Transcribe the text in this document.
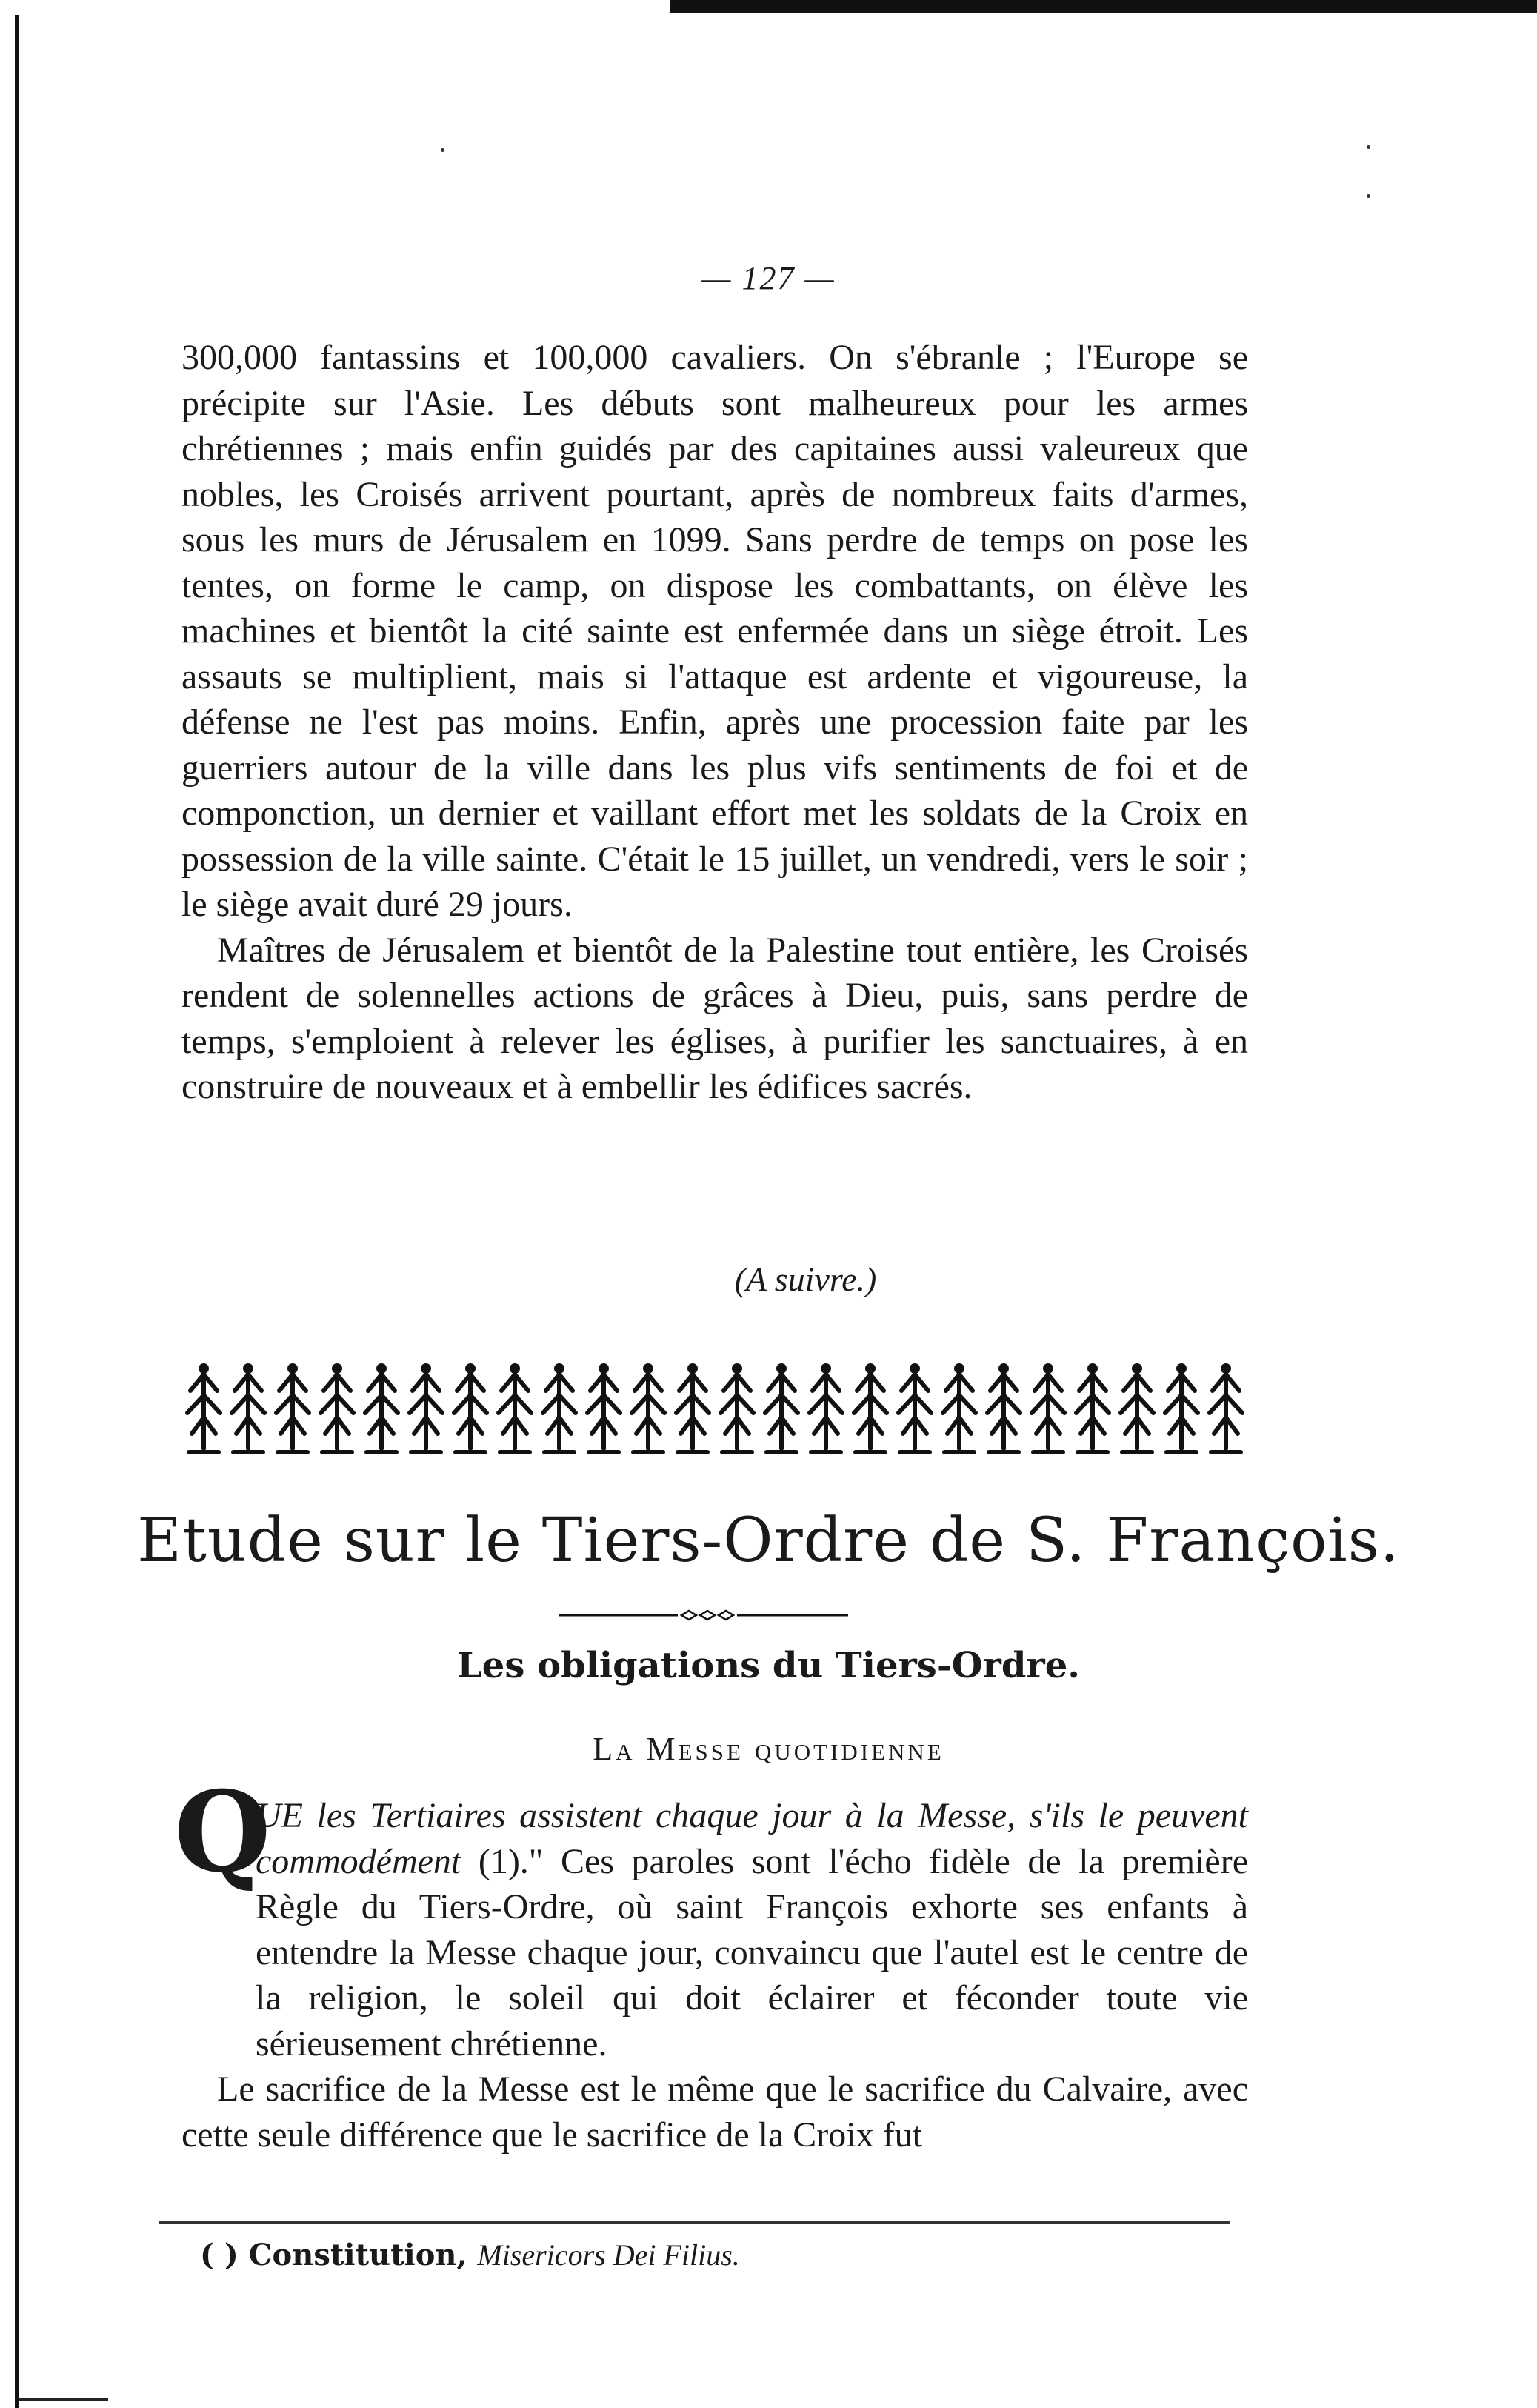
— 127 —

300,000 fantassins et 100,000 cavaliers. On s'ébranle ; l'Europe se précipite sur l'Asie. Les débuts sont malheureux pour les armes chrétiennes ; mais enfin guidés par des capitaines aussi valeureux que nobles, les Croisés arrivent pourtant, après de nombreux faits d'armes, sous les murs de Jérusalem en 1099. Sans perdre de temps on pose les tentes, on forme le camp, on dispose les combattants, on élève les machines et bientôt la cité sainte est enfermée dans un siège étroit. Les assauts se multiplient, mais si l'attaque est ardente et vigoureuse, la défense ne l'est pas moins. Enfin, après une procession faite par les guerriers autour de la ville dans les plus vifs sentiments de foi et de componction, un dernier et vaillant effort met les soldats de la Croix en possession de la ville sainte. C'était le 15 juillet, un vendredi, vers le soir ; le siège avait duré 29 jours.

Maîtres de Jérusalem et bientôt de la Palestine tout entière, les Croisés rendent de solennelles actions de grâces à Dieu, puis, sans perdre de temps, s'emploient à relever les églises, à purifier les sanctuaires, à en construire de nouveaux et à embellir les édifices sacrés.

(A suivre.)
Etude sur le Tiers-Ordre de S. François.
Les obligations du Tiers-Ordre.
La Messe quotidienne
Q

UE les Tertiaires assistent chaque jour à la Messe, s'ils le peuvent commodément (1)." Ces paroles sont l'écho fidèle de la première Règle du Tiers-Ordre, où saint François exhorte ses enfants à entendre la Messe chaque jour, convaincu que l'autel est le centre de la religion, le soleil qui doit éclairer et féconder toute vie sérieusement chrétienne.

Le sacrifice de la Messe est le même que le sacrifice du Calvaire, avec cette seule différence que le sacrifice de la Croix fut

( ) Constitution, Misericors Dei Filius.
